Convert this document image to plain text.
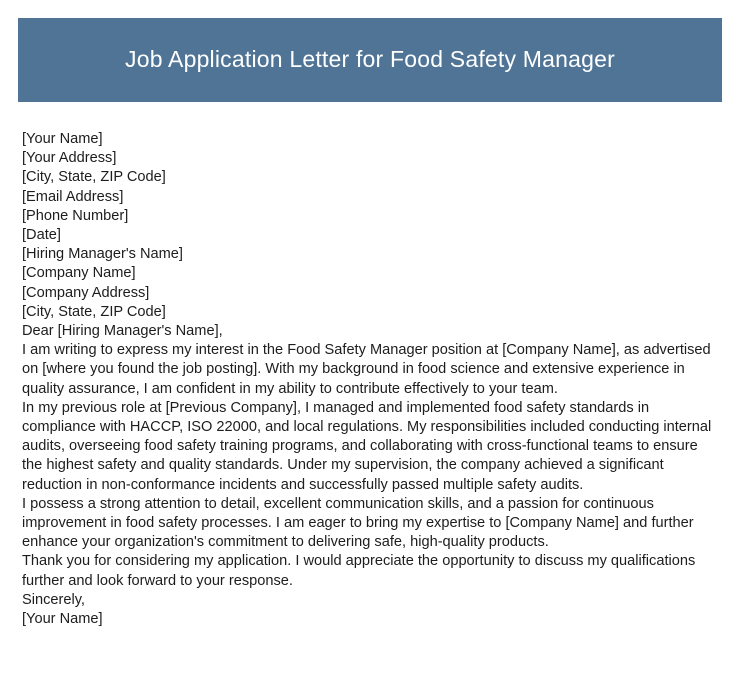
Job Application Letter for Food Safety Manager

[Your Name]

[Your Address]

[City, State, ZIP Code]

[Email Address]

[Phone Number]

[Date]

[Hiring Manager's Name]

[Company Name]

[Company Address]

[City, State, ZIP Code]

Dear [Hiring Manager's Name],

I am writing to express my interest in the Food Safety Manager position at [Company Name], as advertised on [where you found the job posting]. With my background in food science and extensive experience in quality assurance, I am confident in my ability to contribute effectively to your team.

In my previous role at [Previous Company], I managed and implemented food safety standards in compliance with HACCP, ISO 22000, and local regulations. My responsibilities included conducting internal audits, overseeing food safety training programs, and collaborating with cross-functional teams to ensure the highest safety and quality standards. Under my supervision, the company achieved a significant reduction in non-conformance incidents and successfully passed multiple safety audits.

I possess a strong attention to detail, excellent communication skills, and a passion for continuous improvement in food safety processes. I am eager to bring my expertise to [Company Name] and further enhance your organization's commitment to delivering safe, high-quality products.

Thank you for considering my application. I would appreciate the opportunity to discuss my qualifications further and look forward to your response.

Sincerely,

[Your Name]
